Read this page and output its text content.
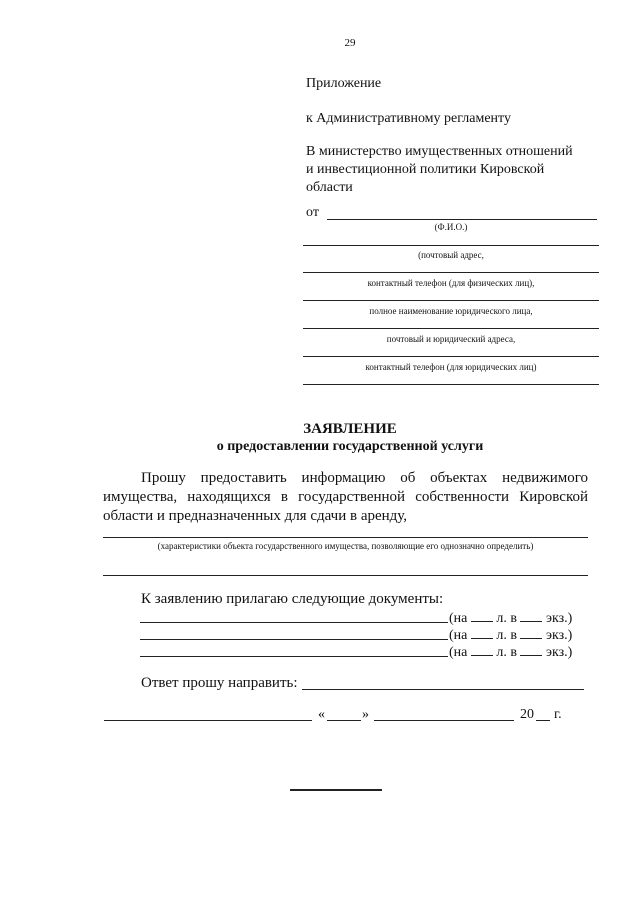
29
Приложение
к Административному регламенту
В министерство имущественных отношений
и инвестиционной политики Кировской
области
от
(Ф.И.О.)
(почтовый адрес,
контактный телефон (для физических лиц),
полное наименование юридического лица,
почтовый и юридический адреса,
контактный телефон (для юридических лиц)
ЗАЯВЛЕНИЕ
о предоставлении государственной услуги
Прошу предоставить информацию об объектах недвижимого имущества, находящихся в государственной собственности Кировской области и предназначенных для сдачи в аренду,
(характеристики объекта государственного имущества, позволяющие его однозначно определить)
К заявлению прилагаю следующие документы:
(на л. в экз.)
(на л. в экз.)
(на л. в экз.)
Ответ прошу направить:
«	»	20 г.
